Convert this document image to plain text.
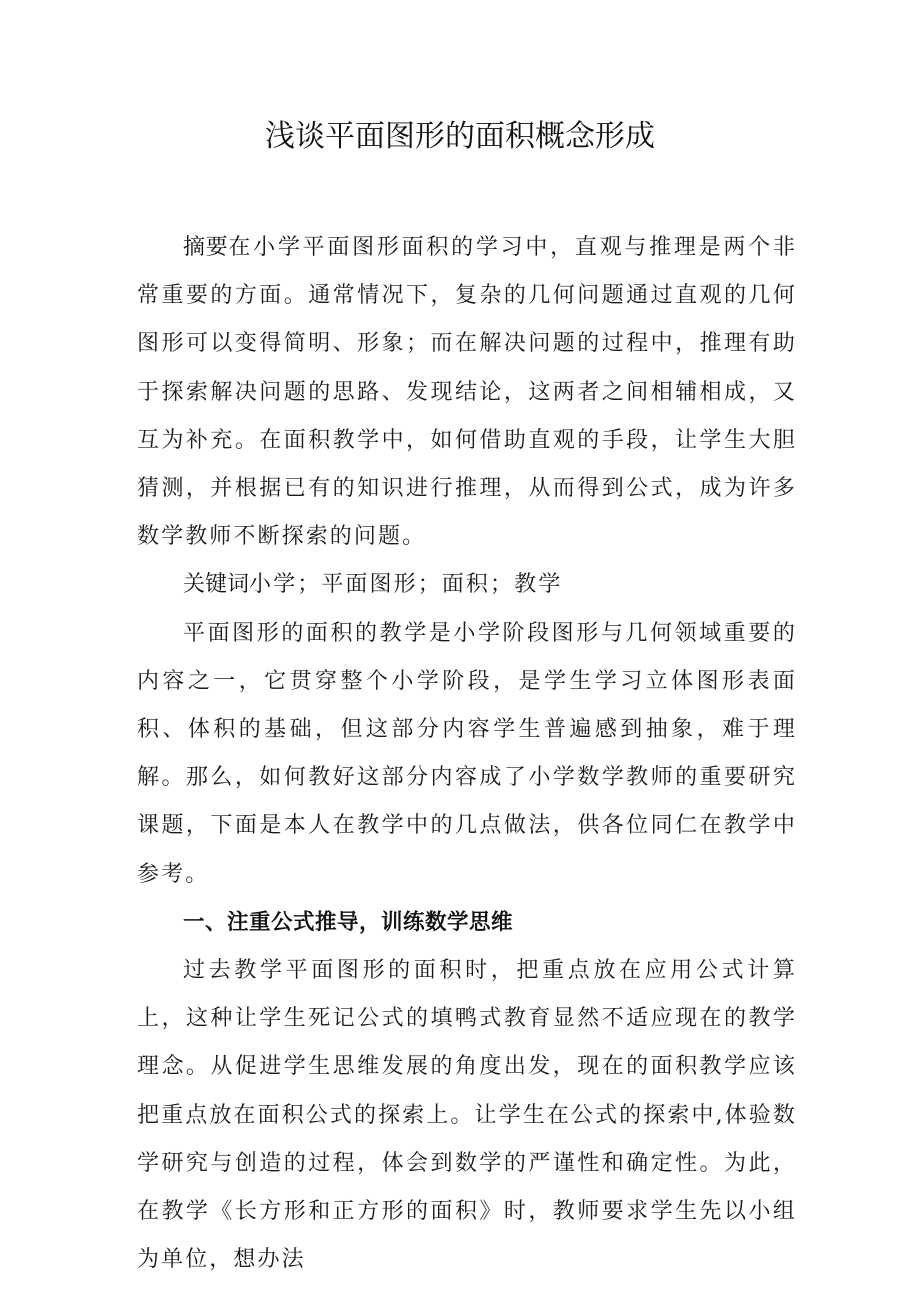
浅谈平面图形的面积概念形成

摘要在小学平面图形面积的学习中，直观与推理是两个非常重要的方面。通常情况下，复杂的几何问题通过直观的几何图形可以变得简明、形象；而在解决问题的过程中，推理有助于探索解决问题的思路、发现结论，这两者之间相辅相成，又互为补充。在面积教学中，如何借助直观的手段，让学生大胆猜测，并根据已有的知识进行推理，从而得到公式，成为许多数学教师不断探索的问题。

关键词小学；平面图形；面积；教学

平面图形的面积的教学是小学阶段图形与几何领域重要的内容之一，它贯穿整个小学阶段，是学生学习立体图形表面积、体积的基础，但这部分内容学生普遍感到抽象，难于理解。那么，如何教好这部分内容成了小学数学教师的重要研究课题，下面是本人在教学中的几点做法，供各位同仁在教学中参考。

一、注重公式推导，训练数学思维

过去教学平面图形的面积时，把重点放在应用公式计算上，这种让学生死记公式的填鸭式教育显然不适应现在的教学理念。从促进学生思维发展的角度出发，现在的面积教学应该把重点放在面积公式的探索上。让学生在公式的探索中,体验数学研究与创造的过程，体会到数学的严谨性和确定性。为此，在教学《长方形和正方形的面积》时，教师要求学生先以小组为单位，想办法
